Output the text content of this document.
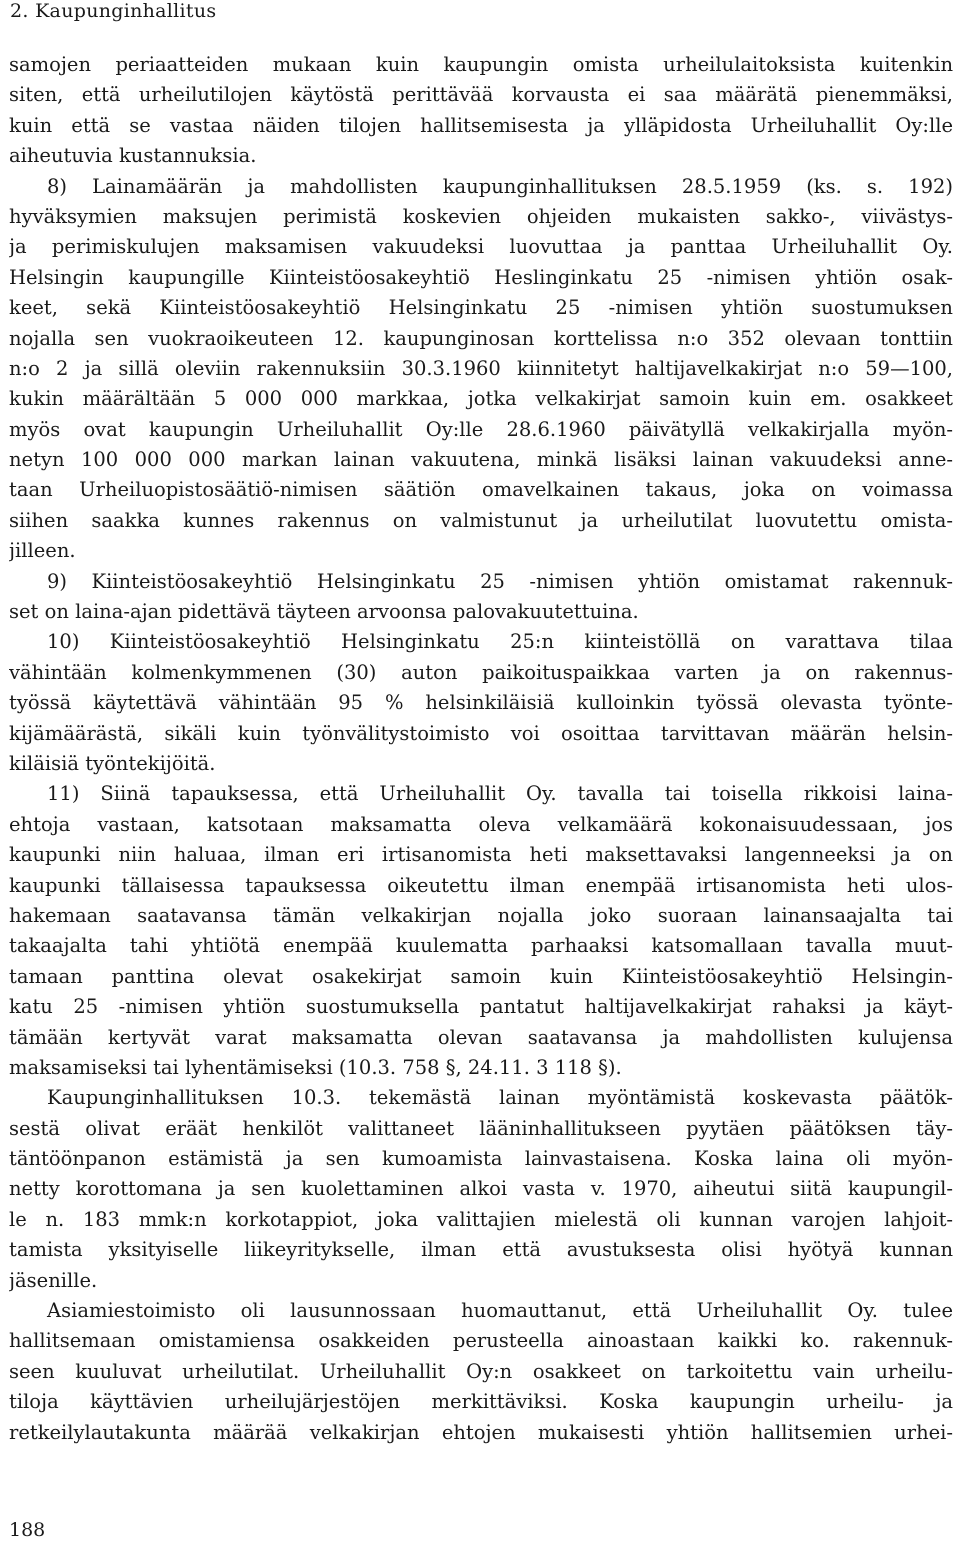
2. Kaupunginhallitus
samojen periaatteiden mukaan kuin kaupungin omista urheilulaitoksista kuitenkin
siten, että urheilutilojen käytöstä perittävää korvausta ei saa määrätä pienemmäksi,
kuin että se vastaa näiden tilojen hallitsemisesta ja ylläpidosta Urheiluhallit Oy:lle
aiheutuvia kustannuksia.
8) Lainamäärän ja mahdollisten kaupunginhallituksen 28.5.1959 (ks. s. 192)
hyväksymien maksujen perimistä koskevien ohjeiden mukaisten sakko-, viivästys-
ja perimiskulujen maksamisen vakuudeksi luovuttaa ja panttaa Urheiluhallit Oy.
Helsingin kaupungille Kiinteistöosakeyhtiö Heslinginkatu 25 -nimisen yhtiön osak-
keet, sekä Kiinteistöosakeyhtiö Helsinginkatu 25 -nimisen yhtiön suostumuksen
nojalla sen vuokraoikeuteen 12. kaupunginosan korttelissa n:o 352 olevaan tonttiin
n:o 2 ja sillä oleviin rakennuksiin 30.3.1960 kiinnitetyt haltijavelkakirjat n:o 59—100,
kukin määrältään 5 000 000 markkaa, jotka velkakirjat samoin kuin em. osakkeet
myös ovat kaupungin Urheiluhallit Oy:lle 28.6.1960 päivätyllä velkakirjalla myön-
netyn 100 000 000 markan lainan vakuutena, minkä lisäksi lainan vakuudeksi anne-
taan Urheiluopistosäätiö-nimisen säätiön omavelkainen takaus, joka on voimassa
siihen saakka kunnes rakennus on valmistunut ja urheilutilat luovutettu omista-
jilleen.
9) Kiinteistöosakeyhtiö Helsinginkatu 25 -nimisen yhtiön omistamat rakennuk-
set on laina-ajan pidettävä täyteen arvoonsa palovakuutettuina.
10) Kiinteistöosakeyhtiö Helsinginkatu 25:n kiinteistöllä on varattava tilaa
vähintään kolmenkymmenen (30) auton paikoituspaikkaa varten ja on rakennus-
työssä käytettävä vähintään 95 % helsinkiläisiä kulloinkin työssä olevasta työnte-
kijämäärästä, sikäli kuin työnvälitystoimisto voi osoittaa tarvittavan määrän helsin-
kiläisiä työntekijöitä.
11) Siinä tapauksessa, että Urheiluhallit Oy. tavalla tai toisella rikkoisi laina-
ehtoja vastaan, katsotaan maksamatta oleva velkamäärä kokonaisuudessaan, jos
kaupunki niin haluaa, ilman eri irtisanomista heti maksettavaksi langenneeksi ja on
kaupunki tällaisessa tapauksessa oikeutettu ilman enempää irtisanomista heti ulos-
hakemaan saatavansa tämän velkakirjan nojalla joko suoraan lainansaajalta tai
takaajalta tahi yhtiötä enempää kuulematta parhaaksi katsomallaan tavalla muut-
tamaan panttina olevat osakekirjat samoin kuin Kiinteistöosakeyhtiö Helsingin-
katu 25 -nimisen yhtiön suostumuksella pantatut haltijavelkakirjat rahaksi ja käyt-
tämään kertyvät varat maksamatta olevan saatavansa ja mahdollisten kulujensa
maksamiseksi tai lyhentämiseksi (10.3. 758 §, 24.11. 3 118 §).
Kaupunginhallituksen 10.3. tekemästä lainan myöntämistä koskevasta päätök-
sestä olivat eräät henkilöt valittaneet lääninhallitukseen pyytäen päätöksen täy-
täntöönpanon estämistä ja sen kumoamista lainvastaisena. Koska laina oli myön-
netty korottomana ja sen kuolettaminen alkoi vasta v. 1970, aiheutui siitä kaupungil-
le n. 183 mmk:n korkotappiot, joka valittajien mielestä oli kunnan varojen lahjoit-
tamista yksityiselle liikeyritykselle, ilman että avustuksesta olisi hyötyä kunnan
jäsenille.
Asiamiestoimisto oli lausunnossaan huomauttanut, että Urheiluhallit Oy. tulee
hallitsemaan omistamiensa osakkeiden perusteella ainoastaan kaikki ko. rakennuk-
seen kuuluvat urheilutilat. Urheiluhallit Oy:n osakkeet on tarkoitettu vain urheilu-
tiloja käyttävien urheilujärjestöjen merkittäviksi. Koska kaupungin urheilu- ja
retkeilylautakunta määrää velkakirjan ehtojen mukaisesti yhtiön hallitsemien urhei-
188
